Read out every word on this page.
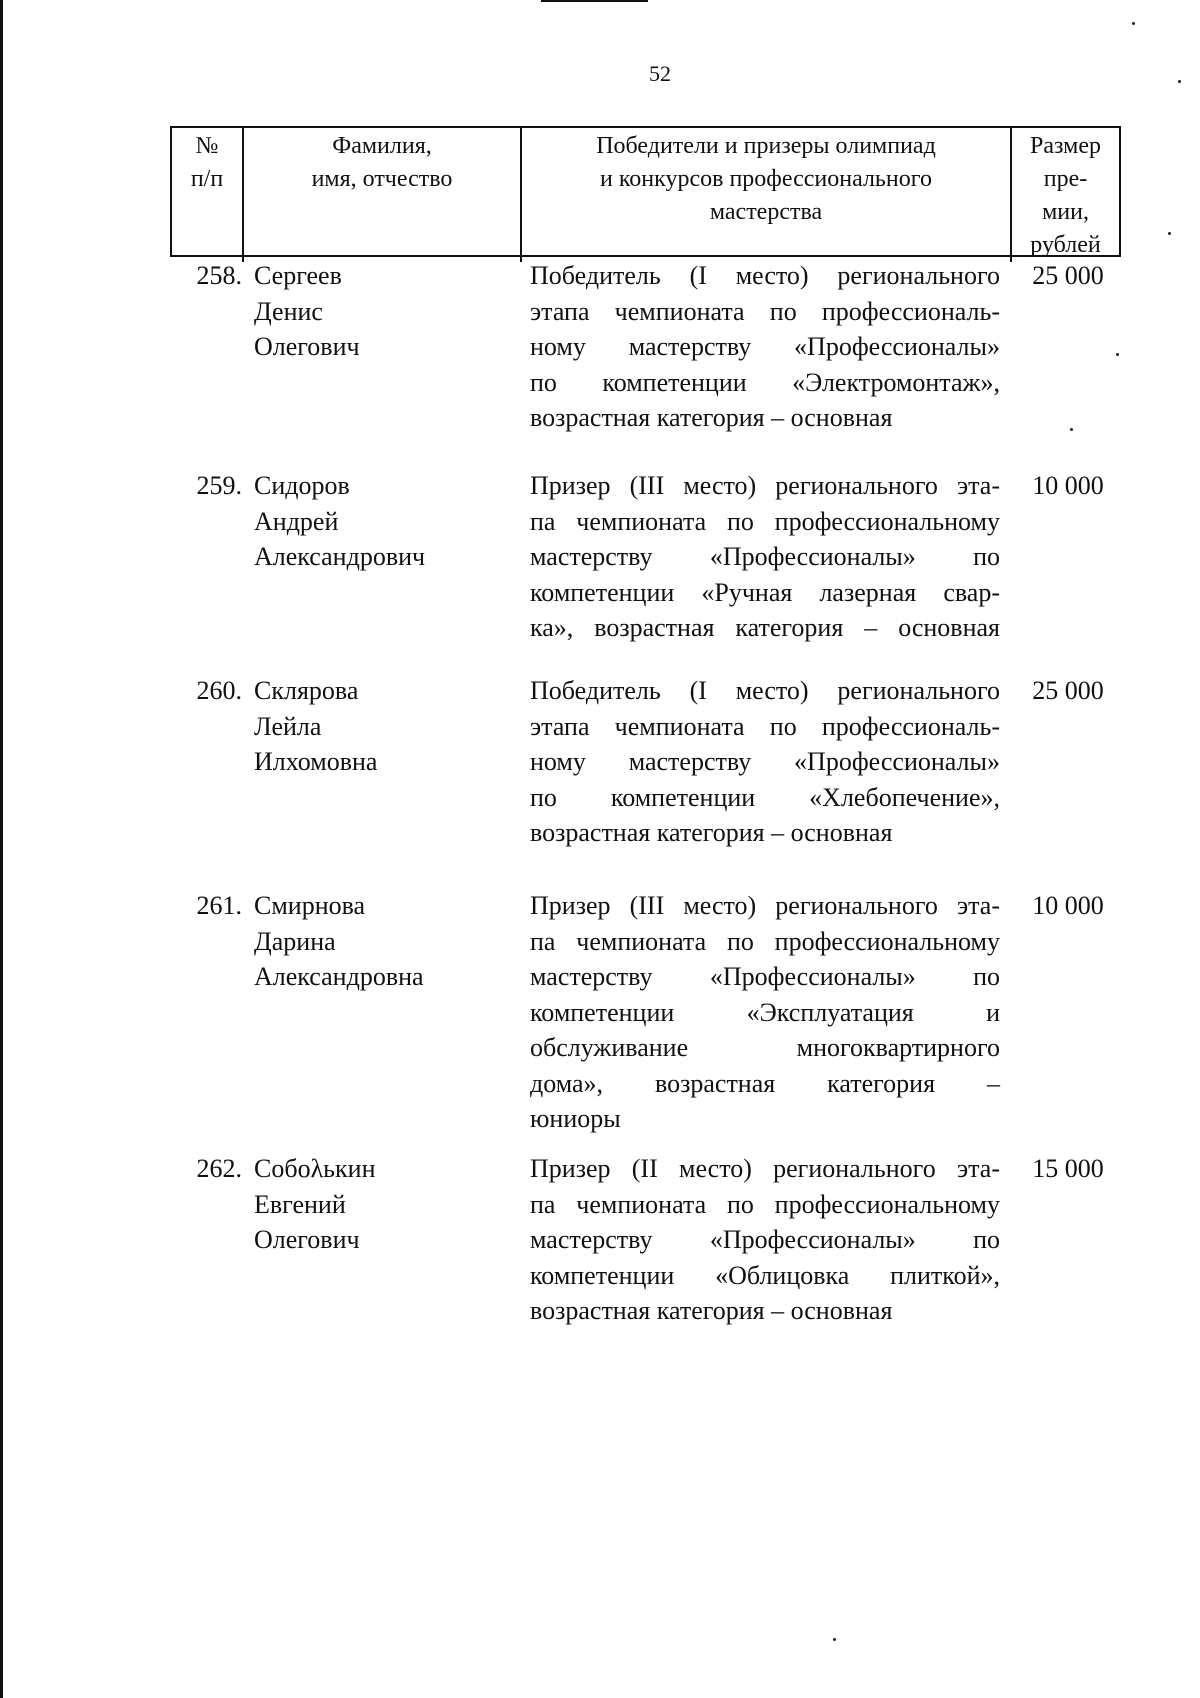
52
№
п/п
Фамилия,
имя, отчество
Победители и призеры олимпиад
и конкурсов профессионального
мастерства
Размер
пре-
мии,
рублей
258. Сергеев
Денис
Олегович
Победитель (I место) регионального
этапа чемпионата по профессиональ-
ному мастерству «Профессионалы»
по компетенции «Электромонтаж»,
возрастная категория – основная
25 000
259. Сидоров
Андрей
Александрович
Призер (III место) регионального эта-
па чемпионата по профессиональному
мастерству «Профессионалы» по
компетенции «Ручная лазерная свар-
ка», возрастная категория – основная
10 000
260. Склярова
Лейла
Илхомовна
Победитель (I место) регионального
этапа чемпионата по профессиональ-
ному мастерству «Профессионалы»
по компетенции «Хлебопечение»,
возрастная категория – основная
25 000
261. Смирнова
Дарина
Александровна
Призер (III место) регионального эта-
па чемпионата по профессиональному
мастерству «Профессионалы» по
компетенции «Эксплуатация и
обслуживание многоквартирного
дома», возрастная категория –
юниоры
10 000
262. Собολькин
Евгений
Олегович
Призер (II место) регионального эта-
па чемпионата по профессиональному
мастерству «Профессионалы» по
компетенции «Облицовка плиткой»,
возрастная категория – основная
15 000
